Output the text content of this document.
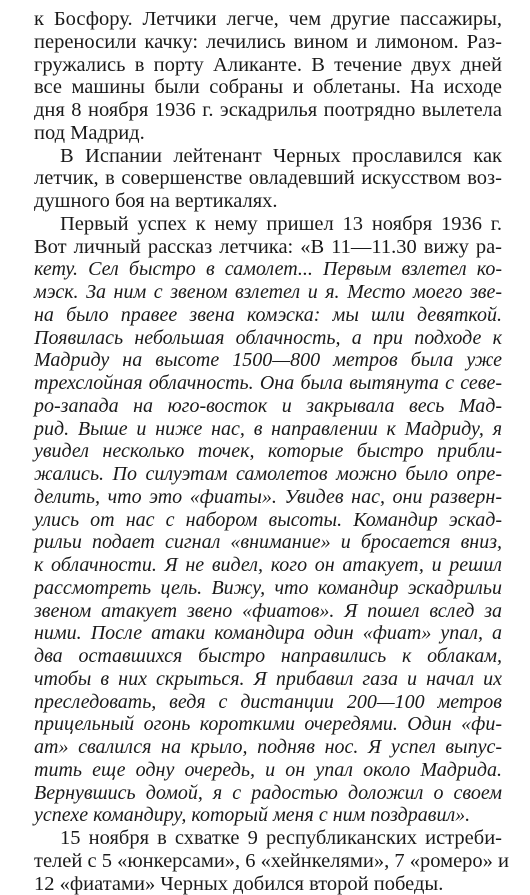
к Босфору. Летчики легче, чем другие пассажиры,
переносили качку: лечились вином и лимоном. Раз-
гружались в порту Аликанте. В течение двух дней
все машины были собраны и облетаны. На исходе
дня 8 ноября 1936 г. эскадрилья поотрядно вылетела
под Мадрид.
В Испании лейтенант Черных прославился как
летчик, в совершенстве овладевший искусством воз-
душного боя на вертикалях.
Первый успех к нему пришел 13 ноября 1936 г.
Вот личный рассказ летчика: «В 11—11.30 вижу ра-
кету. Сел быстро в самолет... Первым взлетел ко-
мэск. За ним с звеном взлетел и я. Место моего зве-
на было правее звена комэска: мы шли девяткой.
Появилась небольшая облачность, а при подходе к
Мадриду на высоте 1500—800 метров была уже
трехслойная облачность. Она была вытянута с севе-
ро-запада на юго-восток и закрывала весь Мад-
рид. Выше и ниже нас, в направлении к Мадриду, я
увидел несколько точек, которые быстро прибли-
жались. По силуэтам самолетов можно было опре-
делить, что это «фиаты». Увидев нас, они разверн-
улись от нас с набором высоты. Командир эскад-
рильи подает сигнал «внимание» и бросается вниз,
к облачности. Я не видел, кого он атакует, и решил
рассмотреть цель. Вижу, что командир эскадрильи
звеном атакует звено «фиатов». Я пошел вслед за
ними. После атаки командира один «фиат» упал, а
два оставшихся быстро направились к облакам,
чтобы в них скрыться. Я прибавил газа и начал их
преследовать, ведя с дистанции 200—100 метров
прицельный огонь короткими очередями. Один «фи-
ат» свалился на крыло, подняв нос. Я успел выпус-
тить еще одну очередь, и он упал около Мадрида.
Вернувшись домой, я с радостью доложил о своем
успехе командиру, который меня с ним поздравил».
15 ноября в схватке 9 республиканских истреби-
телей с 5 «юнкерсами», 6 «хейнкелями», 7 «ромеро» и
12 «фиатами» Черных добился второй победы.
